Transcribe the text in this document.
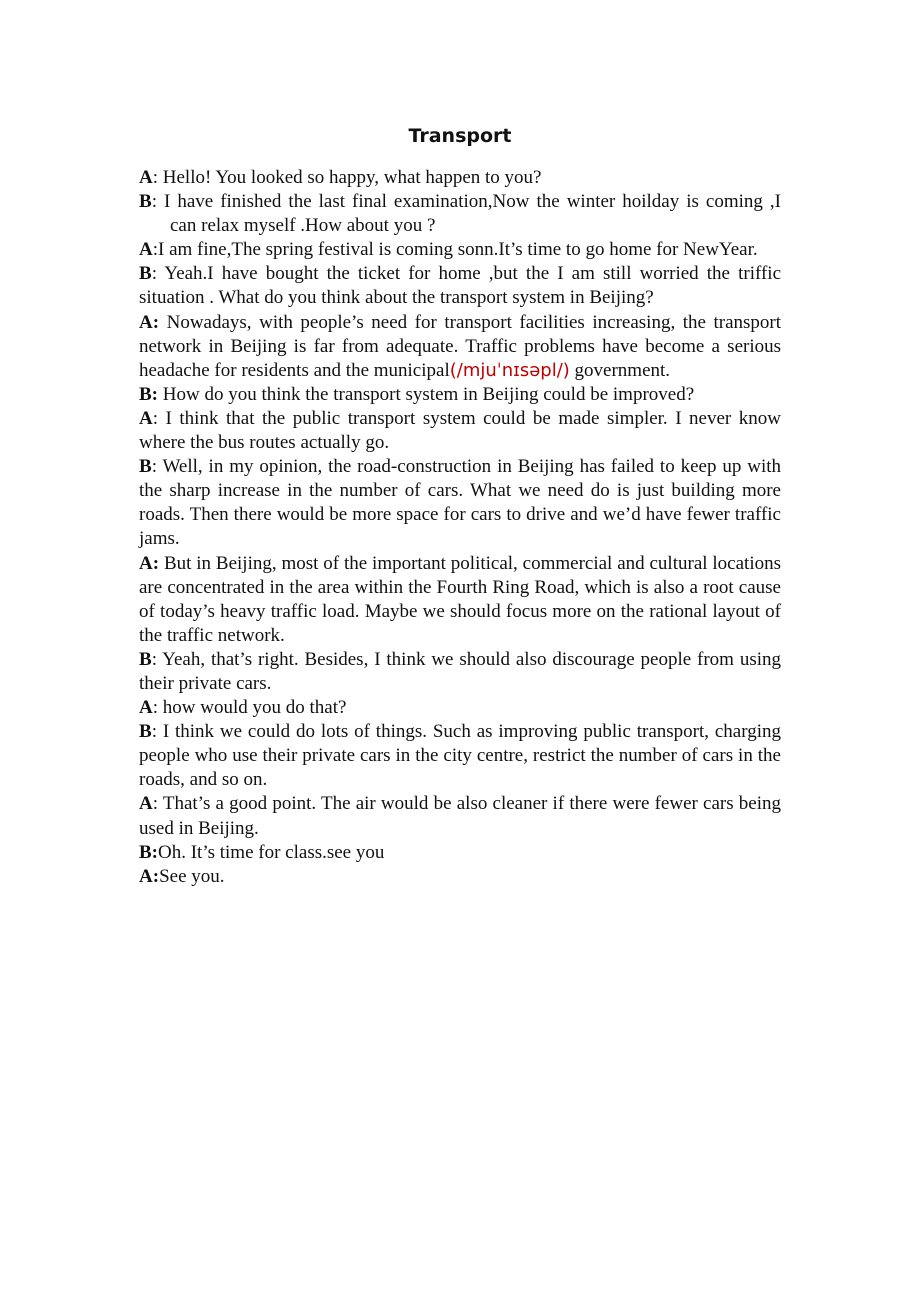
Transport

A: Hello! You looked so happy, what happen to you?

B: I have finished the last final examination,Now the winter hoilday is coming ,I can relax myself .How about you ?

A:I am fine,The spring festival is coming sonn.It’s time to go home for NewYear.

B: Yeah.I have bought the ticket for home ,but the I am still worried the triffic situation . What do you think about the transport system in Beijing?

A: Nowadays, with people’s need for transport facilities increasing, the transport network in Beijing is far from adequate. Traffic problems have become a serious headache for residents and the municipal(/mjuˈnɪsəpl/) government.

B: How do you think the transport system in Beijing could be improved?

A: I think that the public transport system could be made simpler. I never know where the bus routes actually go.

B: Well, in my opinion, the road-construction in Beijing has failed to keep up with the sharp increase in the number of cars. What we need do is just building more roads. Then there would be more space for cars to drive and we’d have fewer traffic jams.

A: But in Beijing, most of the important political, commercial and cultural locations are concentrated in the area within the Fourth Ring Road, which is also a root cause of today’s heavy traffic load. Maybe we should focus more on the rational layout of the traffic network.

B: Yeah, that’s right. Besides, I think we should also discourage people from using their private cars.

A: how would you do that?

B: I think we could do lots of things. Such as improving public transport, charging people who use their private cars in the city centre, restrict the number of cars in the roads, and so on.

A: That’s a good point. The air would be also cleaner if there were fewer cars being used in Beijing.

B:Oh. It’s time for class.see you

A:See you.
